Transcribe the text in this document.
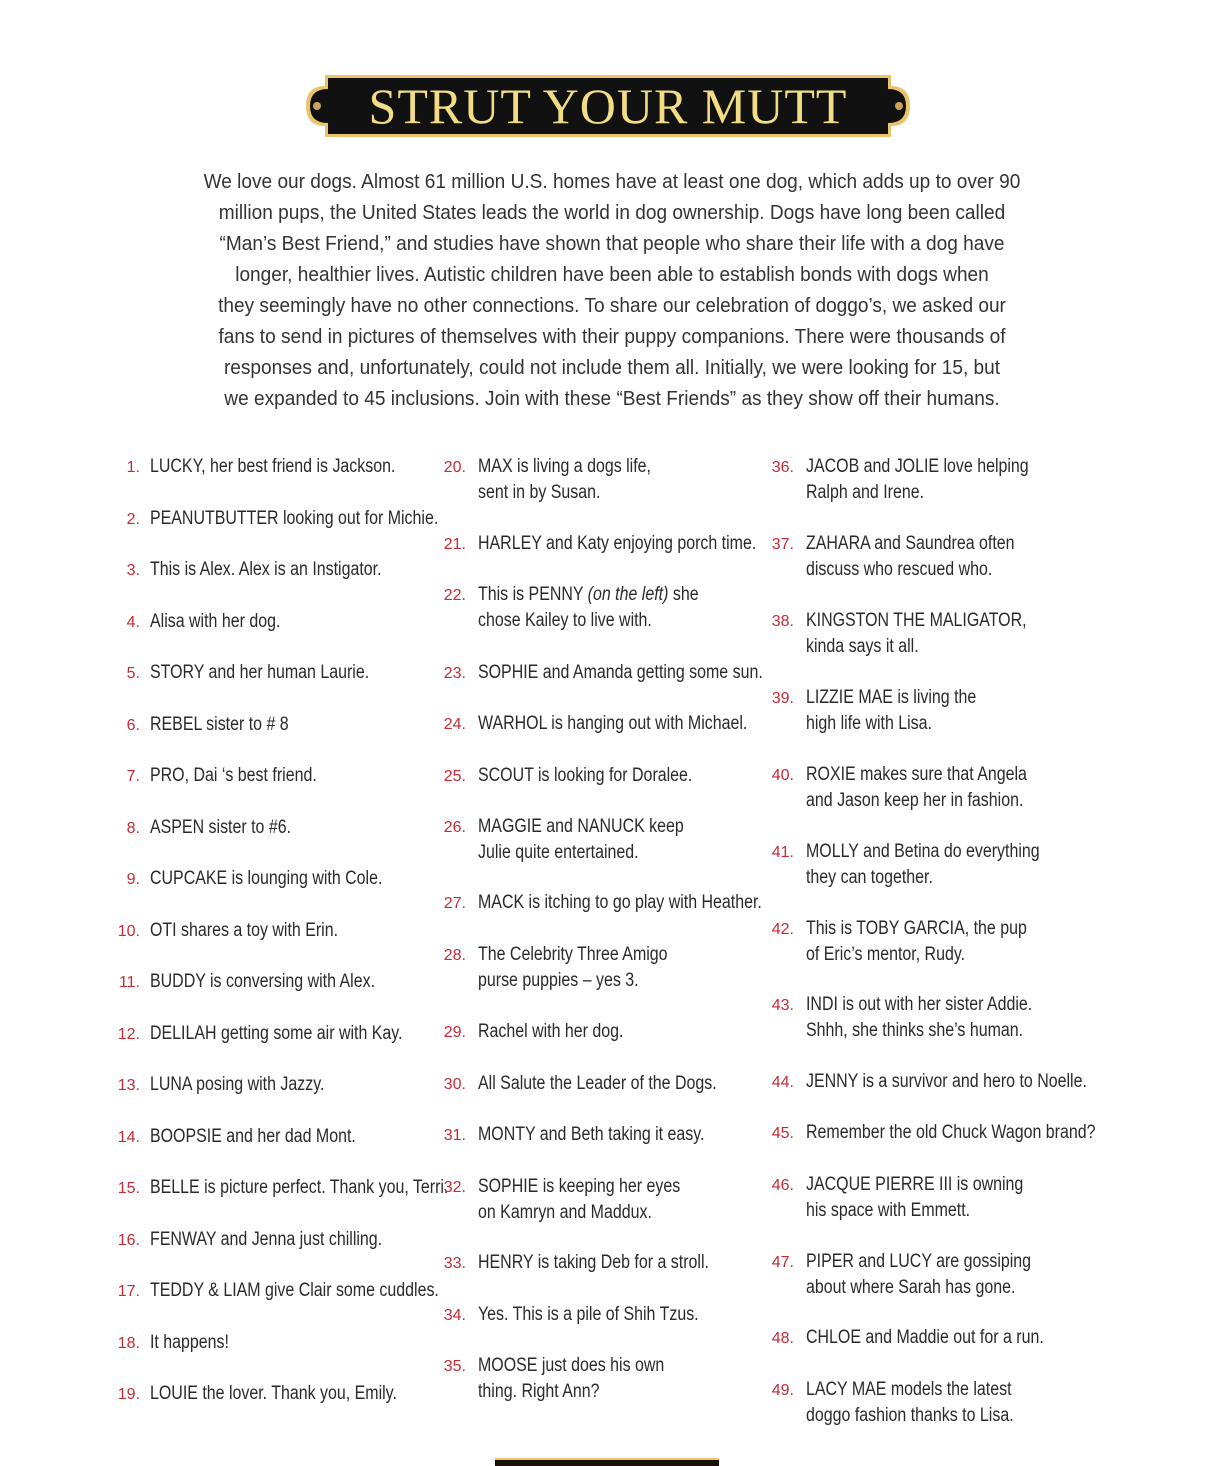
STRUT YOUR MUTT
We love our dogs. Almost 61 million U.S. homes have at least one dog, which adds up to over 90
million pups, the United States leads the world in dog ownership. Dogs have long been called
“Man’s Best Friend,” and studies have shown that people who share their life with a dog have
longer, healthier lives. Autistic children have been able to establish bonds with dogs when
they seemingly have no other connections. To share our celebration of doggo’s, we asked our
fans to send in pictures of themselves with their puppy companions. There were thousands of
responses and, unfortunately, could not include them all. Initially, we were looking for 15, but
we expanded to 45 inclusions. Join with these “Best Friends” as they show off their humans.
1. LUCKY, her best friend is Jackson.
2. PEANUTBUTTER looking out for Michie.
3. This is Alex. Alex is an Instigator.
4. Alisa with her dog.
5. STORY and her human Laurie.
6. REBEL sister to # 8
7. PRO, Dai ‘s best friend.
8. ASPEN sister to #6.
9. CUPCAKE is lounging with Cole.
10. OTI shares a toy with Erin.
11. BUDDY is conversing with Alex.
12. DELILAH getting some air with Kay.
13. LUNA posing with Jazzy.
14. BOOPSIE and her dad Mont.
15. BELLE is picture perfect. Thank you, Terri.
16. FENWAY and Jenna just chilling.
17. TEDDY & LIAM give Clair some cuddles.
18. It happens!
19. LOUIE the lover. Thank you, Emily.
20. MAX is living a dogs life,
sent in by Susan.
21. HARLEY and Katy enjoying porch time.
22. This is PENNY (on the left) she
chose Kailey to live with.
23. SOPHIE and Amanda getting some sun.
24. WARHOL is hanging out with Michael.
25. SCOUT is looking for Doralee.
26. MAGGIE and NANUCK keep
Julie quite entertained.
27. MACK is itching to go play with Heather.
28. The Celebrity Three Amigo
purse puppies – yes 3.
29. Rachel with her dog.
30. All Salute the Leader of the Dogs.
31. MONTY and Beth taking it easy.
32. SOPHIE is keeping her eyes
on Kamryn and Maddux.
33. HENRY is taking Deb for a stroll.
34. Yes. This is a pile of Shih Tzus.
35. MOOSE just does his own
thing. Right Ann?
36. JACOB and JOLIE love helping
Ralph and Irene.
37. ZAHARA and Saundrea often
discuss who rescued who.
38. KINGSTON THE MALIGATOR,
kinda says it all.
39. LIZZIE MAE is living the
high life with Lisa.
40. ROXIE makes sure that Angela
and Jason keep her in fashion.
41. MOLLY and Betina do everything
they can together.
42. This is TOBY GARCIA, the pup
of Eric’s mentor, Rudy.
43. INDI is out with her sister Addie.
Shhh, she thinks she’s human.
44. JENNY is a survivor and hero to Noelle.
45. Remember the old Chuck Wagon brand?
46. JACQUE PIERRE III is owning
his space with Emmett.
47. PIPER and LUCY are gossiping
about where Sarah has gone.
48. CHLOE and Maddie out for a run.
49. LACY MAE models the latest
doggo fashion thanks to Lisa.
